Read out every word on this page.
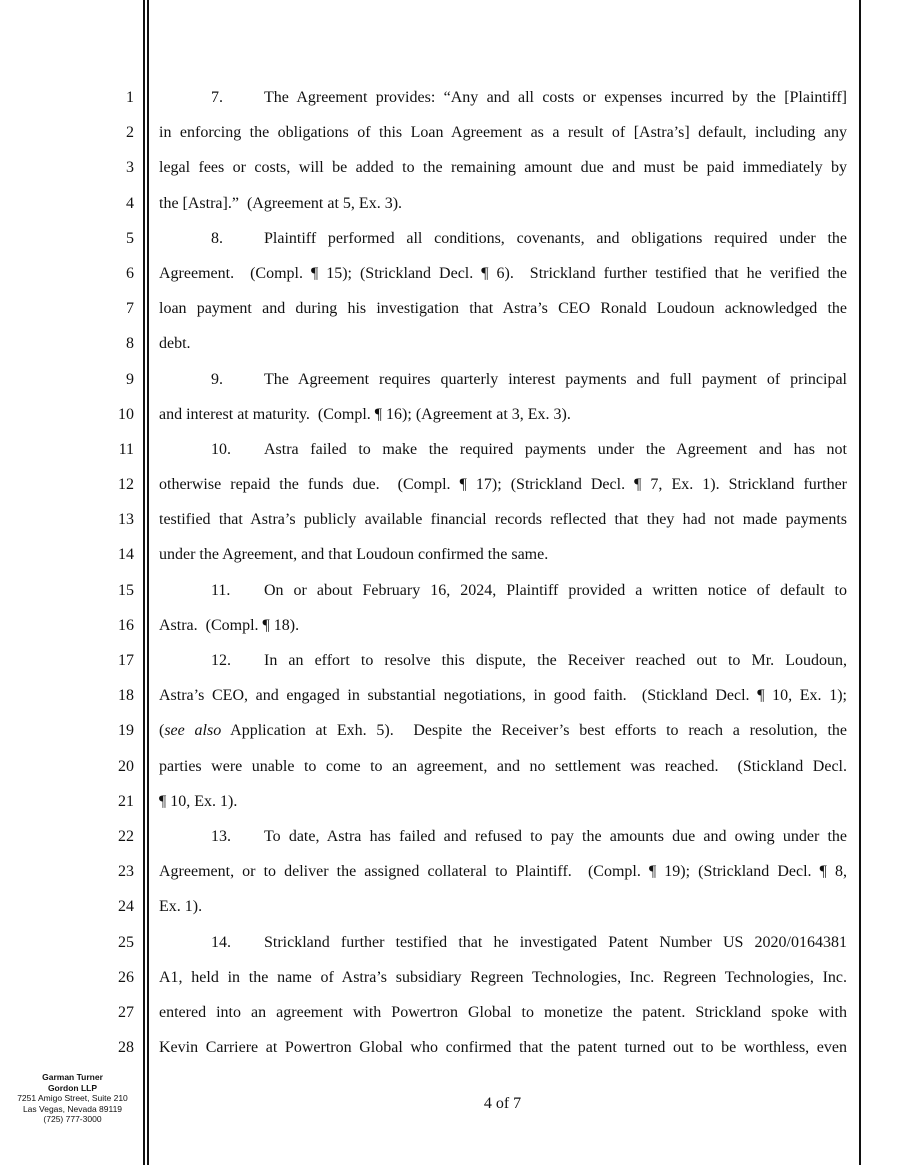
1
2
3
4
5
6
7
8
9
10
11
12
13
14
15
16
17
18
19
20
21
22
23
24
25
26
27
28
7.	The Agreement provides: “Any and all costs or expenses incurred by the [Plaintiff]
in enforcing the obligations of this Loan Agreement as a result of [Astra’s] default, including any
legal fees or costs, will be added to the remaining amount due and must be paid immediately by
the [Astra].”  (Agreement at 5, Ex. 3).
8.	Plaintiff performed all conditions, covenants, and obligations required under the
Agreement.  (Compl. ¶ 15); (Strickland Decl. ¶ 6).  Strickland further testified that he verified the
loan payment and during his investigation that Astra’s CEO Ronald Loudoun acknowledged the
debt.
9.	The Agreement requires quarterly interest payments and full payment of principal
and interest at maturity.  (Compl. ¶ 16); (Agreement at 3, Ex. 3).
10. Astra failed to make the required payments under the Agreement and has not
otherwise repaid the funds due.  (Compl. ¶ 17); (Strickland Decl. ¶ 7, Ex. 1). Strickland further
testified that Astra’s publicly available financial records reflected that they had not made payments
under the Agreement, and that Loudoun confirmed the same.
11. On or about February 16, 2024, Plaintiff provided a written notice of default to
Astra.  (Compl. ¶ 18).
12. In an effort to resolve this dispute, the Receiver reached out to Mr. Loudoun,
Astra’s CEO, and engaged in substantial negotiations, in good faith.  (Stickland Decl. ¶ 10, Ex. 1);
(see also Application at Exh. 5).  Despite the Receiver’s best efforts to reach a resolution, the
parties were unable to come to an agreement, and no settlement was reached.  (Stickland Decl.
¶ 10, Ex. 1).
13. To date, Astra has failed and refused to pay the amounts due and owing under the
Agreement, or to deliver the assigned collateral to Plaintiff.  (Compl. ¶ 19); (Strickland Decl. ¶ 8,
Ex. 1).
14. Strickland further testified that he investigated Patent Number US 2020/0164381
A1, held in the name of Astra’s subsidiary Regreen Technologies, Inc. Regreen Technologies, Inc.
entered into an agreement with Powertron Global to monetize the patent. Strickland spoke with
Kevin Carriere at Powertron Global who confirmed that the patent turned out to be worthless, even
Garman Turner
Gordon LLP
7251 Amigo Street, Suite 210
Las Vegas, Nevada 89119
(725) 777-3000
4 of 7
